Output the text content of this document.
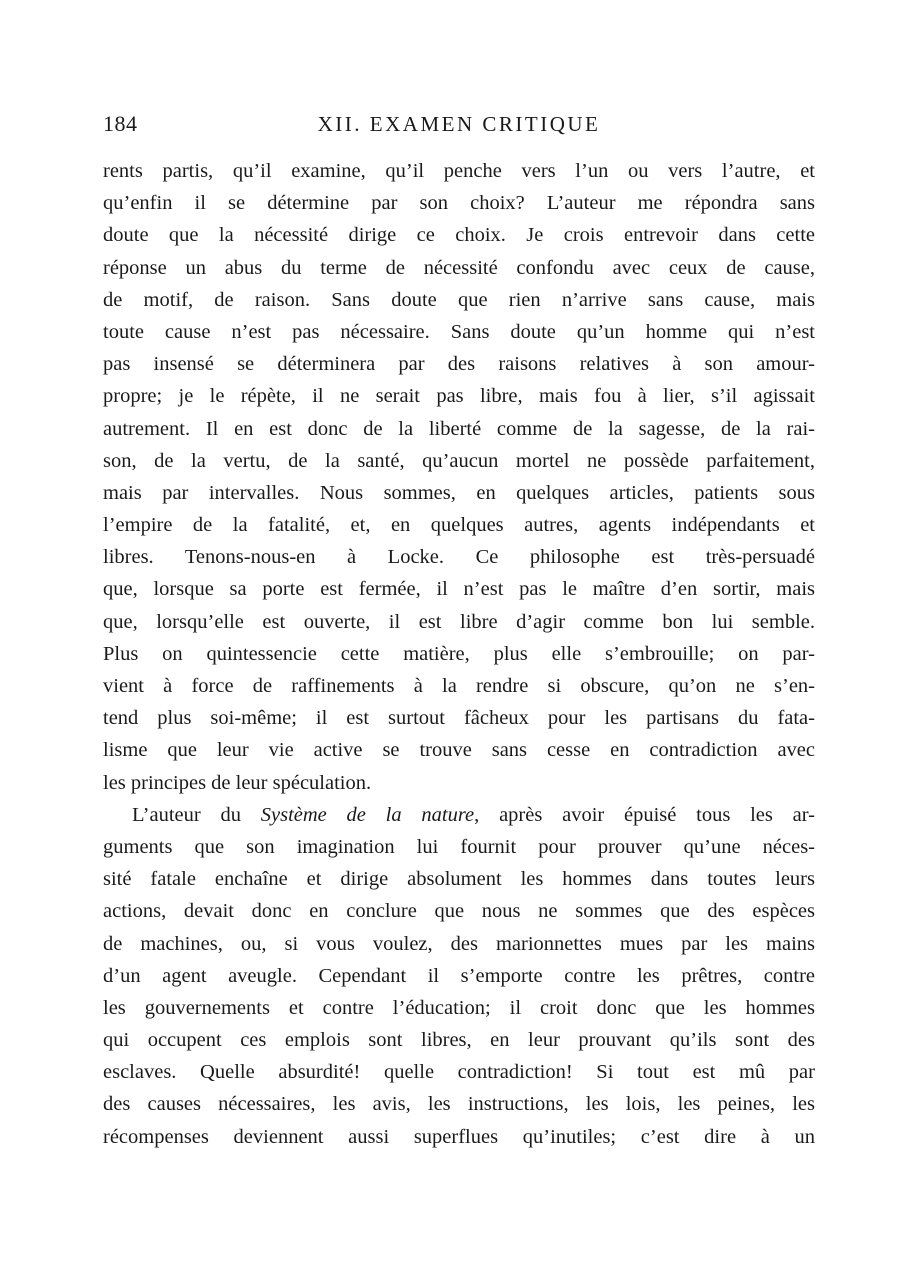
184	XII. EXAMEN CRITIQUE
rents partis, qu’il examine, qu’il penche vers l’un ou vers l’autre, et
qu’enfin il se détermine par son choix? L’auteur me répondra sans
doute que la nécessité dirige ce choix. Je crois entrevoir dans cette
réponse un abus du terme de nécessité confondu avec ceux de cause,
de motif, de raison. Sans doute que rien n’arrive sans cause, mais
toute cause n’est pas nécessaire. Sans doute qu’un homme qui n’est
pas insensé se déterminera par des raisons relatives à son amour-
propre; je le répète, il ne serait pas libre, mais fou à lier, s’il agissait
autrement. Il en est donc de la liberté comme de la sagesse, de la rai-
son, de la vertu, de la santé, qu’aucun mortel ne possède parfaitement,
mais par intervalles. Nous sommes, en quelques articles, patients sous
l’empire de la fatalité, et, en quelques autres, agents indépendants et
libres. Tenons-nous-en à Locke. Ce philosophe est très-persuadé
que, lorsque sa porte est fermée, il n’est pas le maître d’en sortir, mais
que, lorsqu’elle est ouverte, il est libre d’agir comme bon lui semble.
Plus on quintessencie cette matière, plus elle s’embrouille; on par-
vient à force de raffinements à la rendre si obscure, qu’on ne s’en-
tend plus soi-même; il est surtout fâcheux pour les partisans du fata-
lisme que leur vie active se trouve sans cesse en contradiction avec
les principes de leur spéculation.
L’auteur du Système de la nature, après avoir épuisé tous les ar-
guments que son imagination lui fournit pour prouver qu’une néces-
sité fatale enchaîne et dirige absolument les hommes dans toutes leurs
actions, devait donc en conclure que nous ne sommes que des espèces
de machines, ou, si vous voulez, des marionnettes mues par les mains
d’un agent aveugle. Cependant il s’emporte contre les prêtres, contre
les gouvernements et contre l’éducation; il croit donc que les hommes
qui occupent ces emplois sont libres, en leur prouvant qu’ils sont des
esclaves. Quelle absurdité! quelle contradiction! Si tout est mû par
des causes nécessaires, les avis, les instructions, les lois, les peines, les
récompenses deviennent aussi superflues qu’inutiles; c’est dire à un
